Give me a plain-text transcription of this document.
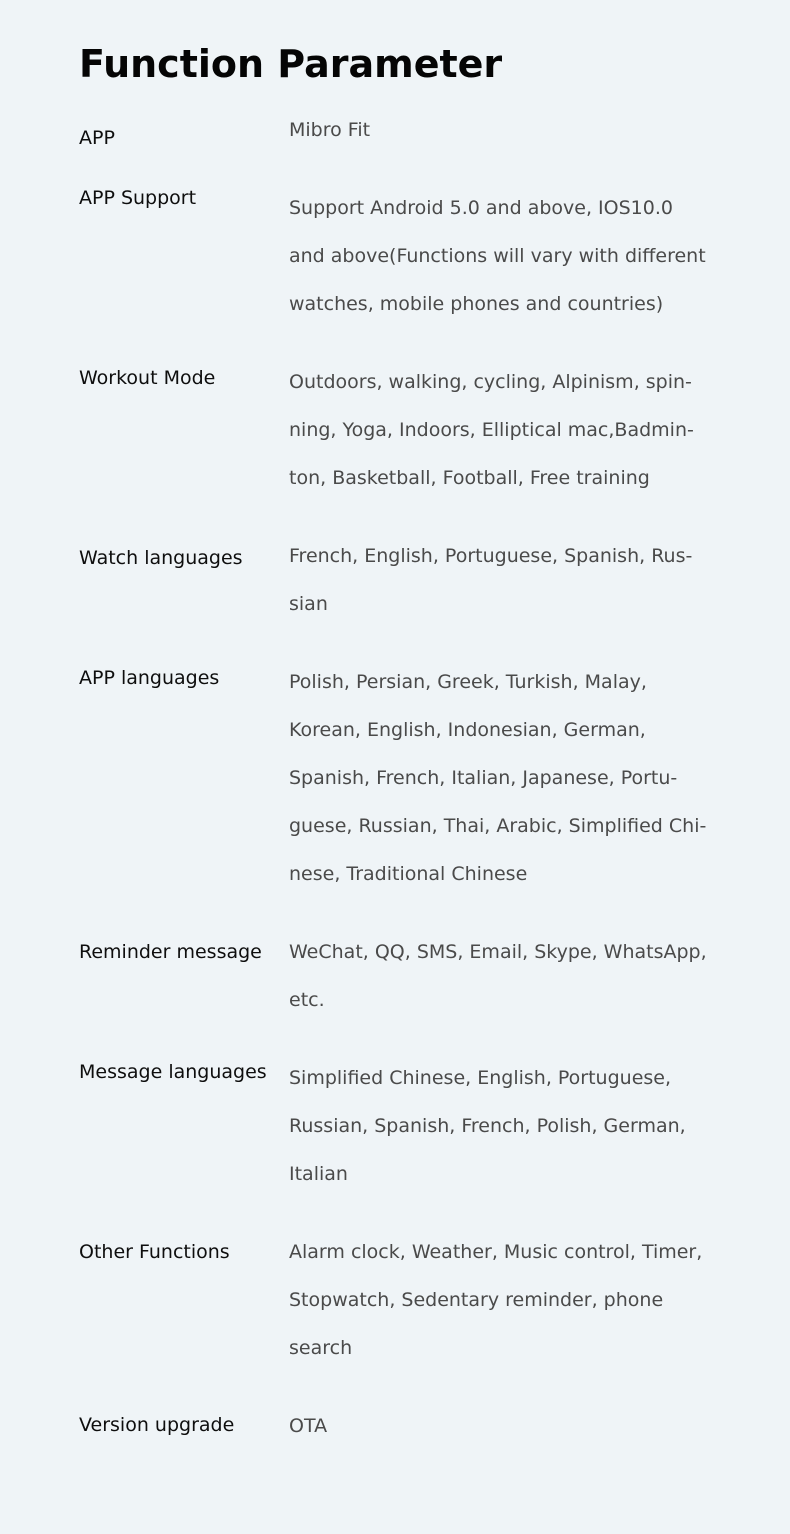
Function Parameter
APP	Mibro Fit
APP Support	Support Android 5.0 and above, IOS10.0
and above(Functions will vary with different
watches, mobile phones and countries)
Workout Mode	Outdoors, walking, cycling, Alpinism, spin-
ning, Yoga, Indoors, Elliptical mac,Badmin-
ton, Basketball, Football, Free training
Watch languages	French, English, Portuguese, Spanish, Rus-
sian
APP languages	Polish, Persian, Greek, Turkish, Malay,
Korean, English, Indonesian, German,
Spanish, French, Italian, Japanese, Portu-
guese, Russian, Thai, Arabic, Simplified Chi-
nese, Traditional Chinese
Reminder message	WeChat, QQ, SMS, Email, Skype, WhatsApp,
etc.
Message languages	Simplified Chinese, English, Portuguese,
Russian, Spanish, French, Polish, German,
Italian
Other Functions	Alarm clock, Weather, Music control, Timer,
Stopwatch, Sedentary reminder, phone
search
Version upgrade	OTA
